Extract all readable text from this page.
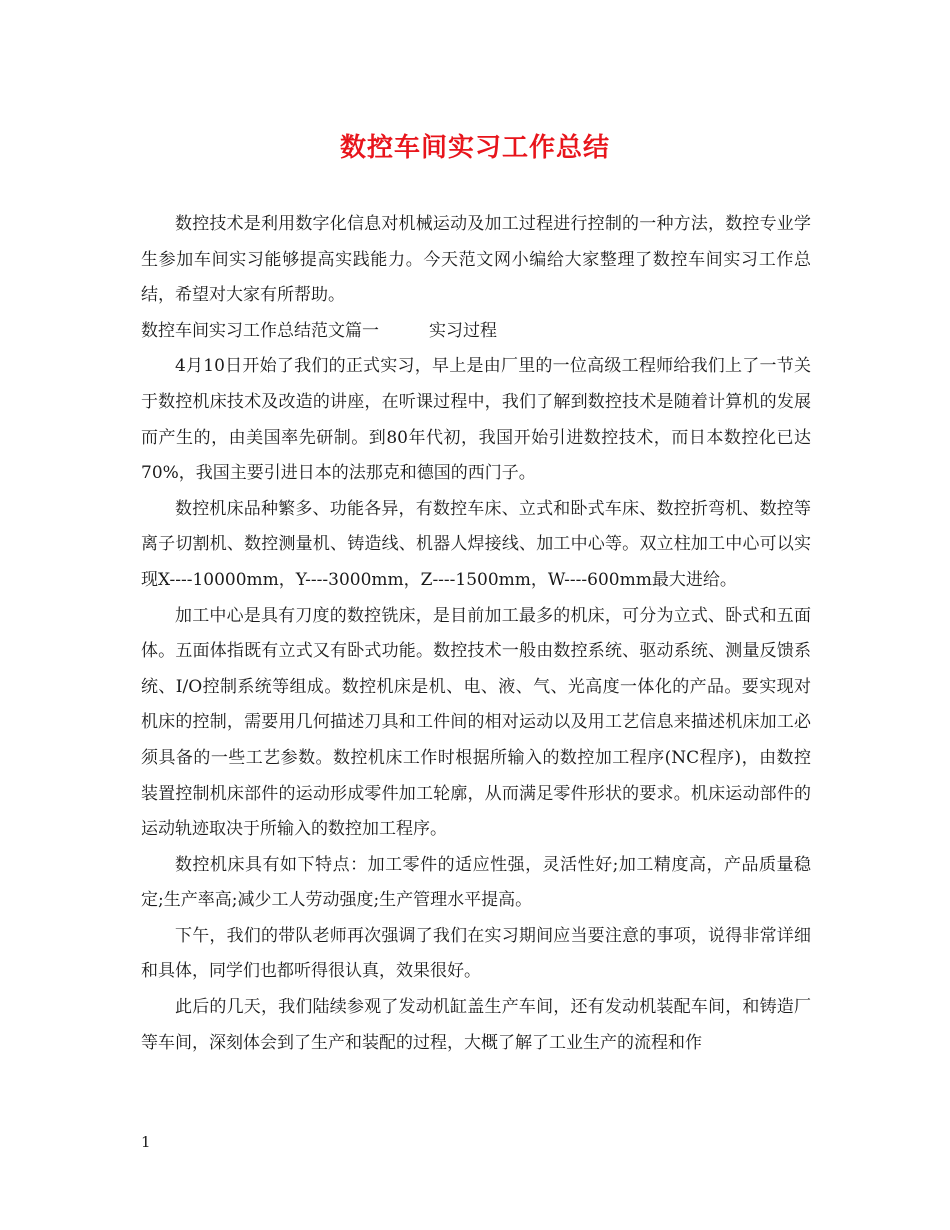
数控车间实习工作总结

数控技术是利用数字化信息对机械运动及加工过程进行控制的一种方法，数控专业学生参加车间实习能够提高实践能力。今天范文网小编给大家整理了数控车间实习工作总结，希望对大家有所帮助。

数控车间实习工作总结范文篇一	实习过程

4月10日开始了我们的正式实习，早上是由厂里的一位高级工程师给我们上了一节关于数控机床技术及改造的讲座，在听课过程中，我们了解到数控技术是随着计算机的发展而产生的，由美国率先研制。到80年代初，我国开始引进数控技术，而日本数控化已达70%，我国主要引进日本的法那克和德国的西门子。

数控机床品种繁多、功能各异，有数控车床、立式和卧式车床、数控折弯机、数控等离子切割机、数控测量机、铸造线、机器人焊接线、加工中心等。双立柱加工中心可以实现X----10000mm，Y----3000mm，Z----1500mm，W----600mm最大进给。

加工中心是具有刀度的数控铣床，是目前加工最多的机床，可分为立式、卧式和五面体。五面体指既有立式又有卧式功能。数控技术一般由数控系统、驱动系统、测量反馈系统、I/O控制系统等组成。数控机床是机、电、液、气、光高度一体化的产品。要实现对机床的控制，需要用几何描述刀具和工件间的相对运动以及用工艺信息来描述机床加工必须具备的一些工艺参数。数控机床工作时根据所输入的数控加工程序(NC程序)，由数控装置控制机床部件的运动形成零件加工轮廓，从而满足零件形状的要求。机床运动部件的运动轨迹取决于所输入的数控加工程序。

数控机床具有如下特点：加工零件的适应性强，灵活性好;加工精度高，产品质量稳定;生产率高;减少工人劳动强度;生产管理水平提高。

下午，我们的带队老师再次强调了我们在实习期间应当要注意的事项，说得非常详细和具体，同学们也都听得很认真，效果很好。

此后的几天，我们陆续参观了发动机缸盖生产车间，还有发动机装配车间，和铸造厂等车间，深刻体会到了生产和装配的过程，大概了解了工业生产的流程和作

1
